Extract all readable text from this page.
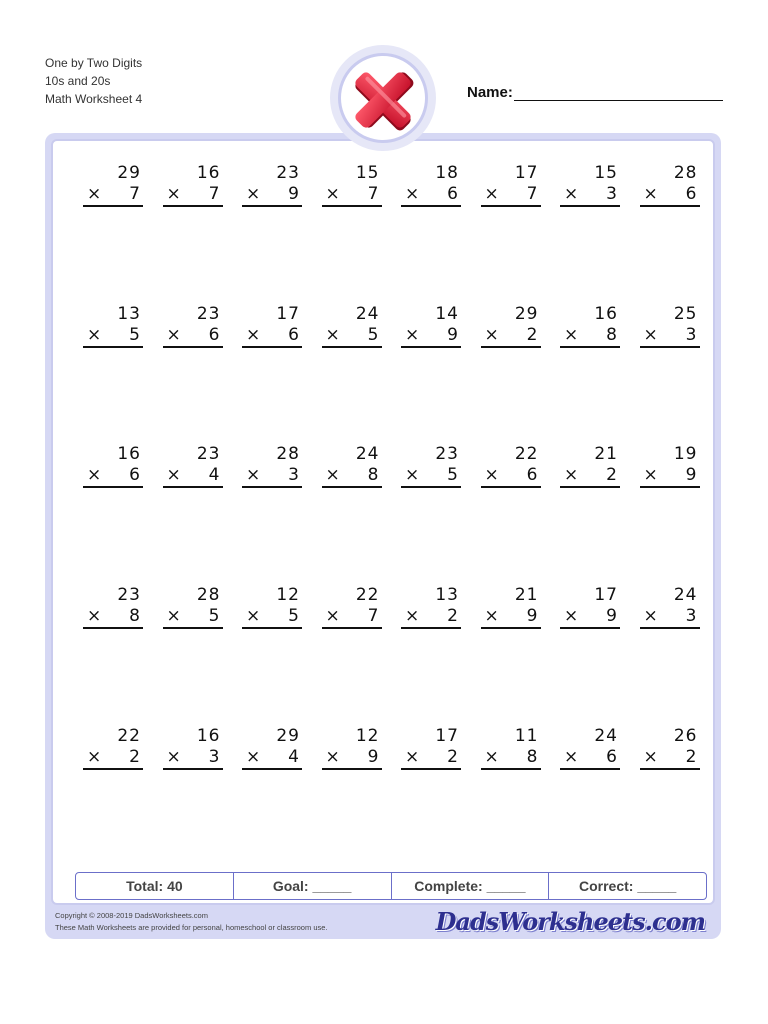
One by Two Digits
10s and 20s
Math Worksheet 4	Name:
29
× 7
16
× 7
23
× 9
15
× 7
18
× 6
17
× 7
15
× 3
28
× 6
13
× 5
23
× 6
17
× 6
24
× 5
14
× 9
29
× 2
16
× 8
25
× 3
16
× 6
23
× 4
28
× 3
24
× 8
23
× 5
22
× 6
21
× 2
19
× 9
23
× 8
28
× 5
12
× 5
22
× 7
13
× 2
21
× 9
17
× 9
24
× 3
22
× 2
16
× 3
29
× 4
12
× 9
17
× 2
11
× 8
24
× 6
26
× 2
Total: 40	Goal: _____	Complete: _____	Correct: _____
Copyright © 2008-2019 DadsWorksheets.com
These Math Worksheets are provided for personal, homeschool or classroom use.	DadsWorksheets.com
